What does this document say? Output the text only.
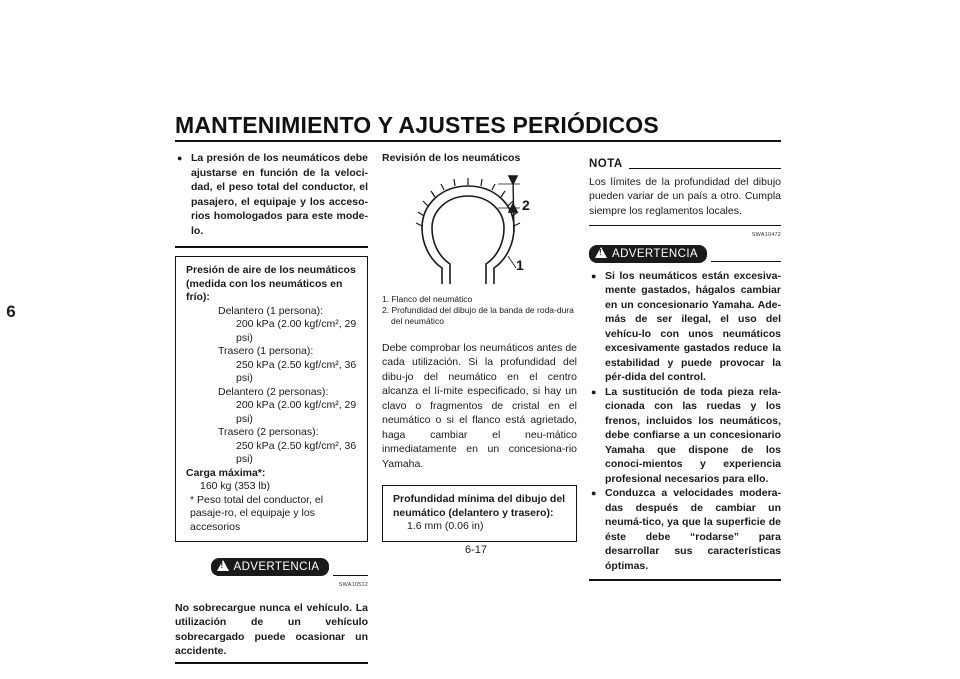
MANTENIMIENTO Y AJUSTES PERIÓDICOS
6
● La presión de los neumáticos debe ajustarse en función de la veloci-dad, el peso total del conductor, el pasajero, el equipaje y los acceso-rios homologados para este mode-lo.
Presión de aire de los neumáticos (medida con los neumáticos en frío):
Delantero (1 persona):
200 kPa (2.00 kgf/cm², 29 psi)
Trasero (1 persona):
250 kPa (2.50 kgf/cm², 36 psi)
Delantero (2 personas):
200 kPa (2.00 kgf/cm², 29 psi)
Trasero (2 personas):
250 kPa (2.50 kgf/cm², 36 psi)
Carga máxima*:
160 kg (353 lb)
* Peso total del conductor, el pasaje-ro, el equipaje y los accesorios
! ADVERTENCIA
SWA10512
No sobrecargue nunca el vehículo. La utilización de un vehículo sobrecargado puede ocasionar un accidente.
Revisión de los neumáticos
2
1
1. Flanco del neumático
2. Profundidad del dibujo de la banda de roda-dura del neumático
Debe comprobar los neumáticos antes de cada utilización. Si la profundidad del dibu-jo del neumático en el centro alcanza el lí-mite especificado, si hay un clavo o fragmentos de cristal en el neumático o si el flanco está agrietado, haga cambiar el neu-mático inmediatamente en un concesiona-rio Yamaha.
Profundidad mínima del dibujo del neumático (delantero y trasero):
1.6 mm (0.06 in)
NOTA
Los límites de la profundidad del dibujo pueden variar de un país a otro. Cumpla siempre los reglamentos locales.
SWA10472
! ADVERTENCIA
● Si los neumáticos están excesiva-mente gastados, hágalos cambiar en un concesionario Yamaha. Ade-más de ser ilegal, el uso del vehícu-lo con unos neumáticos excesivamente gastados reduce la estabilidad y puede provocar la pér-dida del control.
● La sustitución de toda pieza rela-cionada con las ruedas y los frenos, incluidos los neumáticos, debe confiarse a un concesionario Yamaha que dispone de los conoci-mientos y experiencia profesional necesarios para ello.
● Conduzca a velocidades modera-das después de cambiar un neumá-tico, ya que la superficie de éste debe “rodarse” para desarrollar sus características óptimas.
6-17
